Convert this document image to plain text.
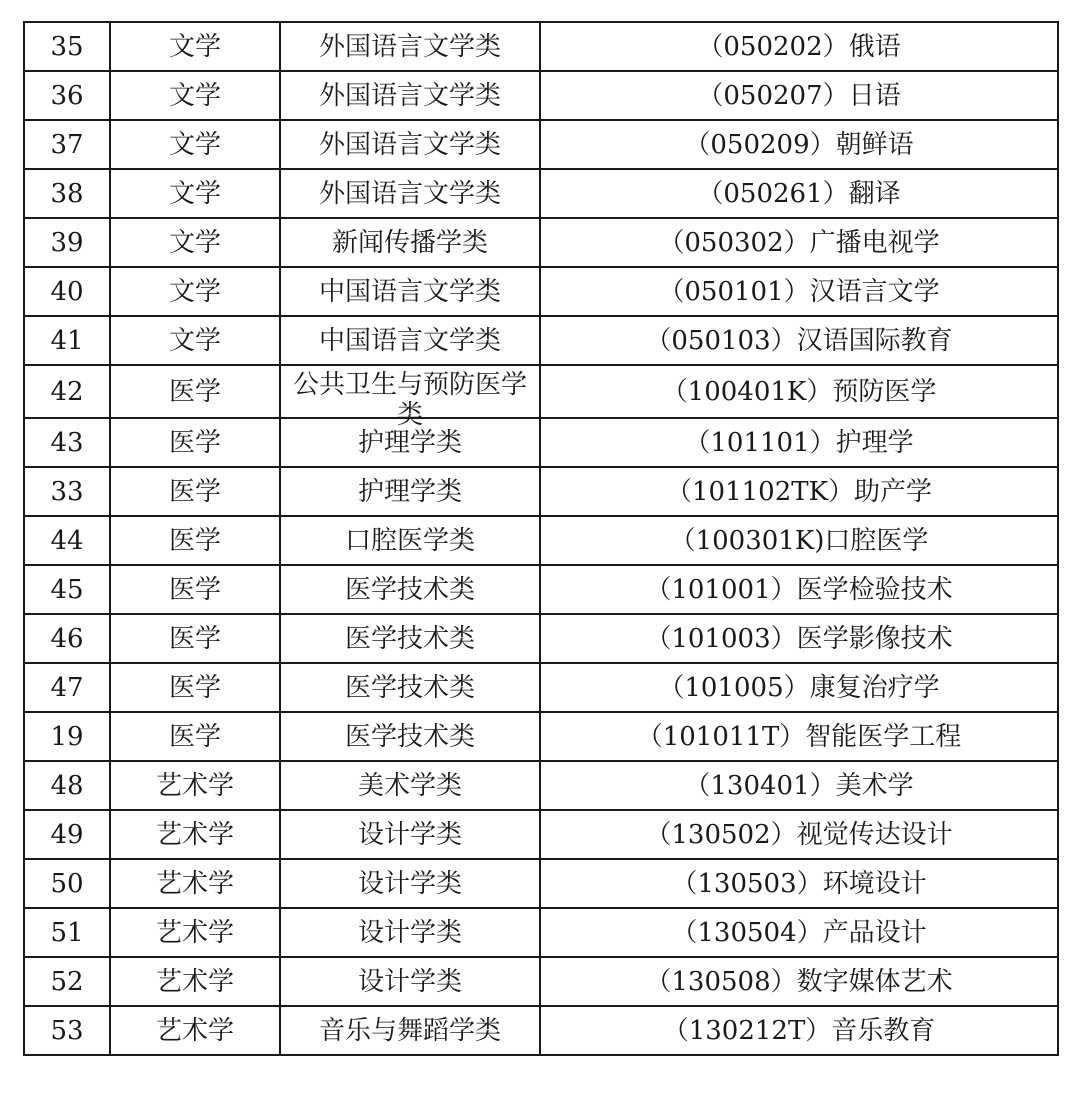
35	文学	外国语言文学类	（050202）俄语
36	文学	外国语言文学类	（050207）日语
37	文学	外国语言文学类	（050209）朝鲜语
38	文学	外国语言文学类	（050261）翻译
39	文学	新闻传播学类	（050302）广播电视学
40	文学	中国语言文学类	（050101）汉语言文学
41	文学	中国语言文学类	（050103）汉语国际教育
42	医学	公共卫生与预防医学类	（100401K）预防医学
43	医学	护理学类	（101101）护理学
33	医学	护理学类	（101102TK）助产学
44	医学	口腔医学类	（100301K)口腔医学
45	医学	医学技术类	（101001）医学检验技术
46	医学	医学技术类	（101003）医学影像技术
47	医学	医学技术类	（101005）康复治疗学
19	医学	医学技术类	（101011T）智能医学工程
48	艺术学	美术学类	（130401）美术学
49	艺术学	设计学类	（130502）视觉传达设计
50	艺术学	设计学类	（130503）环境设计
51	艺术学	设计学类	（130504）产品设计
52	艺术学	设计学类	（130508）数字媒体艺术
53	艺术学	音乐与舞蹈学类	（130212T）音乐教育
